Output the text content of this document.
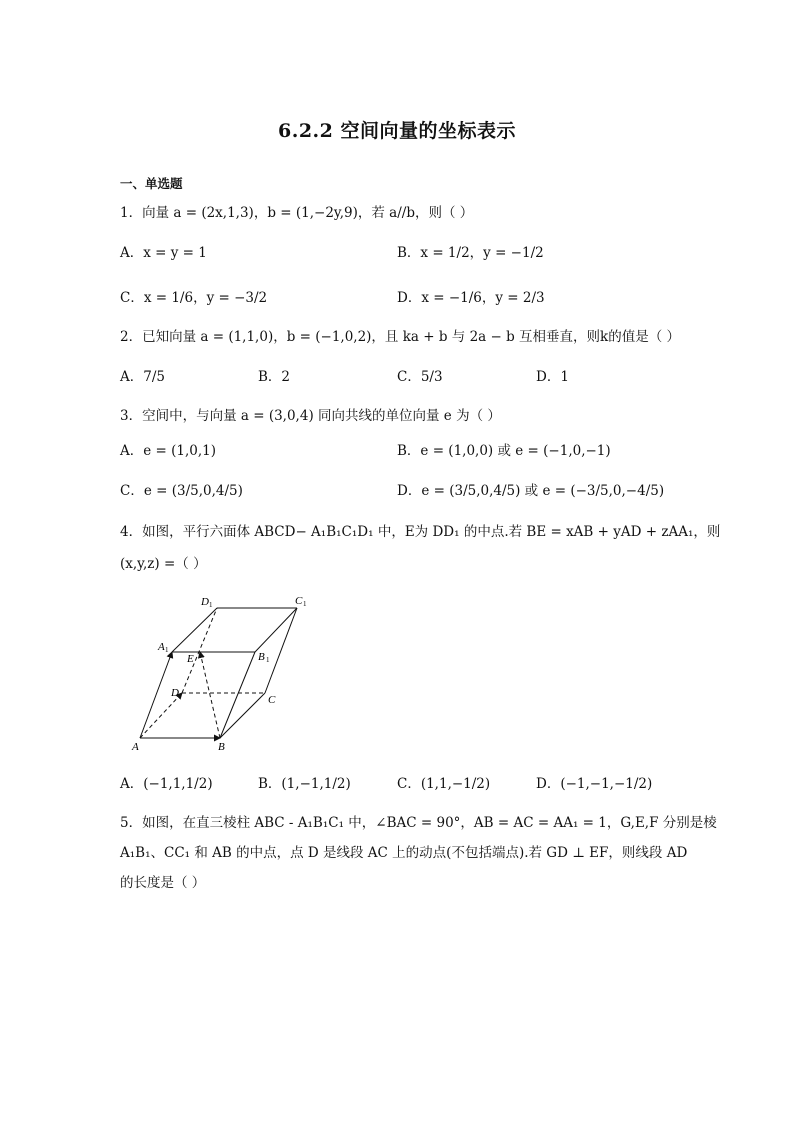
6.2.2 空间向量的坐标表示
一、单选题
1．向量 a = (2x,1,3)，b = (1,−2y,9)，若 a//b，则（ ）
A．x = y = 1	B．x = 1/2，y = −1/2
C．x = 1/6，y = −3/2	D．x = −1/6，y = 2/3
2．已知向量 a = (1,1,0)，b = (−1,0,2)，且 ka + b 与 2a − b 互相垂直，则k的值是（ ）
A．7/5	B．2	C．5/3	D．1
3．空间中，与向量 a = (3,0,4) 同向共线的单位向量 e 为（ ）
A．e = (1,0,1)	B．e = (1,0,0) 或 e = (−1,0,−1)
C．e = (3/5,0,4/5)	D．e = (3/5,0,4/5) 或 e = (−3/5,0,−4/5)
4．如图，平行六面体 ABCD− A₁B₁C₁D₁ 中，E为 DD₁ 的中点.若 BE = xAB + yAD + zAA₁，则
(x,y,z) =（ ）
A	B
C
D
E
A 1
B 1
C 1
D 1
A．(−1,1,1/2)	B．(1,−1,1/2)	C．(1,1,−1/2)	D．(−1,−1,−1/2)
5．如图，在直三棱柱 ABC - A₁B₁C₁ 中，∠BAC = 90°，AB = AC = AA₁ = 1，G,E,F 分别是棱
A₁B₁、CC₁ 和 AB 的中点，点 D 是线段 AC 上的动点(不包括端点).若 GD ⊥ EF，则线段 AD
的长度是（ ）
